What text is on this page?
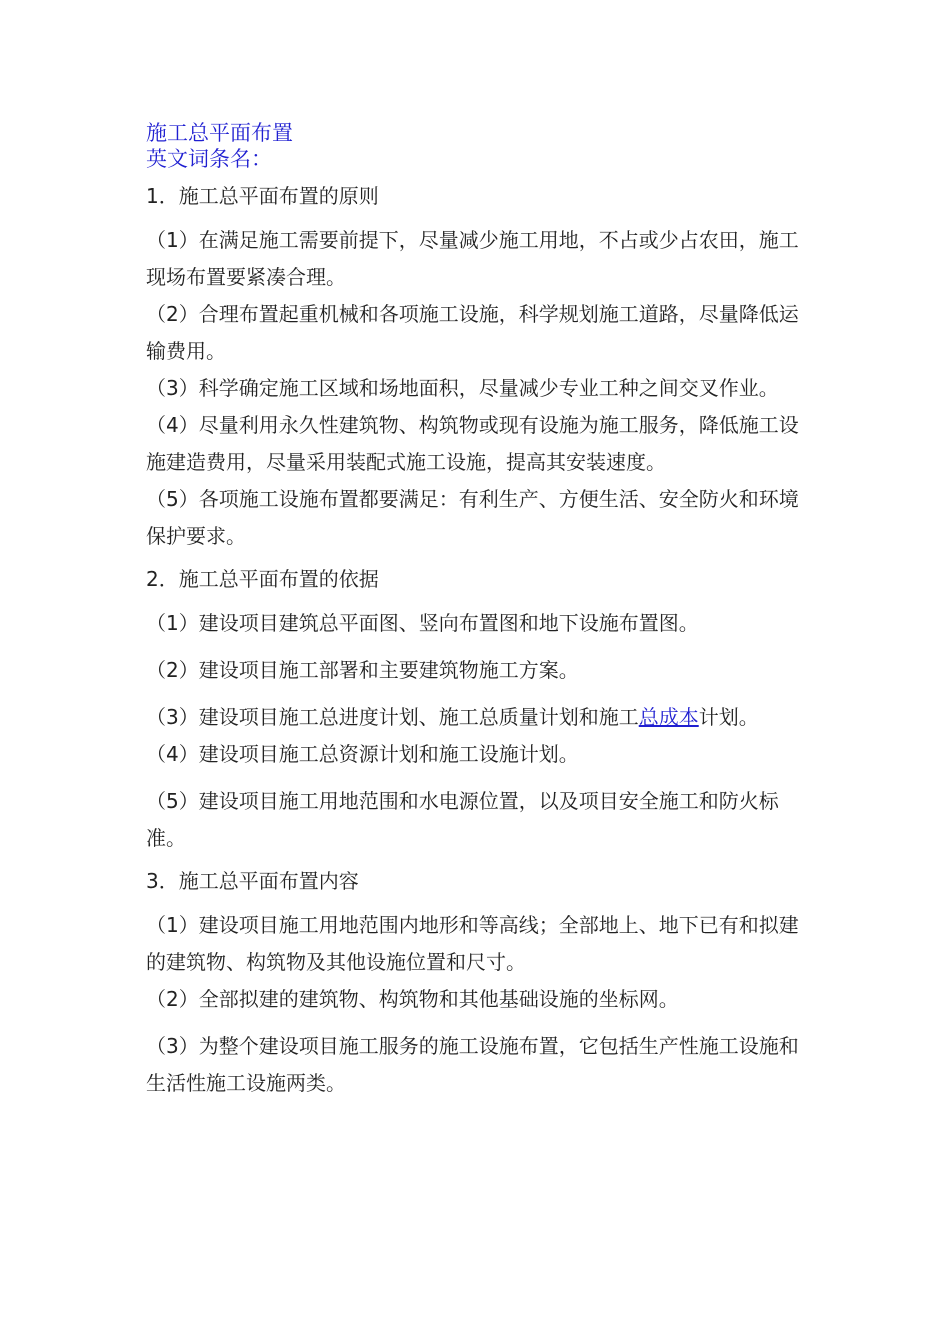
施工总平面布置
英文词条名：
1．施工总平面布置的原则

（1）在满足施工需要前提下，尽量减少施工用地，不占或少占农田，施工现场布置要紧凑合理。

（2）合理布置起重机械和各项施工设施，科学规划施工道路，尽量降低运输费用。

（3）科学确定施工区域和场地面积，尽量减少专业工种之间交叉作业。

（4）尽量利用永久性建筑物、构筑物或现有设施为施工服务，降低施工设施建造费用，尽量采用装配式施工设施，提高其安装速度。

（5）各项施工设施布置都要满足：有利生产、方便生活、安全防火和环境保护要求。

2．施工总平面布置的依据

（1）建设项目建筑总平面图、竖向布置图和地下设施布置图。

（2）建设项目施工部署和主要建筑物施工方案。

（3）建设项目施工总进度计划、施工总质量计划和施工总成本计划。

（4）建设项目施工总资源计划和施工设施计划。

（5）建设项目施工用地范围和水电源位置，以及项目安全施工和防火标准。

3．施工总平面布置内容

（1）建设项目施工用地范围内地形和等高线；全部地上、地下已有和拟建的建筑物、构筑物及其他设施位置和尺寸。

（2）全部拟建的建筑物、构筑物和其他基础设施的坐标网。

（3）为整个建设项目施工服务的施工设施布置，它包括生产性施工设施和生活性施工设施两类。
